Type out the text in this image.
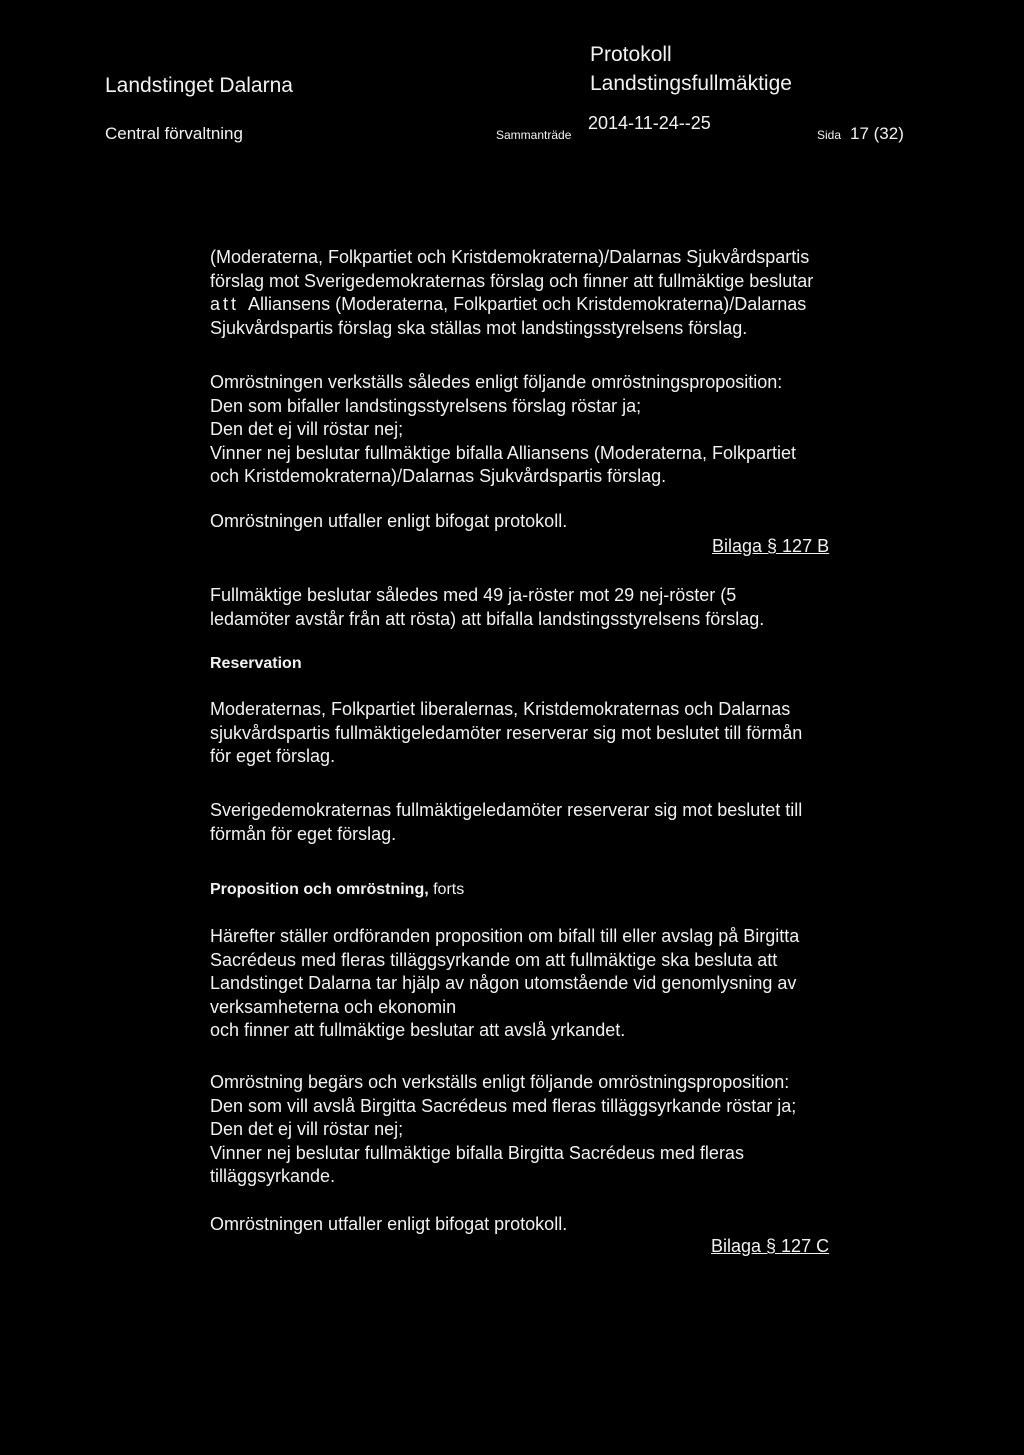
Landstinget Dalarna
Protokoll
Landstingsfullmäktige
Central förvaltning	Sammanträde
2014-11-24--25
Sida 17 (32)
(Moderaterna, Folkpartiet och Kristdemokraterna)/Dalarnas Sjukvårdspartis
förslag mot Sverigedemokraternas förslag och finner att fullmäktige beslutar
att Alliansens (Moderaterna, Folkpartiet och Kristdemokraterna)/Dalarnas
Sjukvårdspartis förslag ska ställas mot landstingsstyrelsens förslag.
Omröstningen verkställs således enligt följande omröstningsproposition:
Den som bifaller landstingsstyrelsens förslag röstar ja;
Den det ej vill röstar nej;
Vinner nej beslutar fullmäktige bifalla Alliansens (Moderaterna, Folkpartiet
och Kristdemokraterna)/Dalarnas Sjukvårdspartis förslag.
Omröstningen utfaller enligt bifogat protokoll.
Bilaga § 127 B
Fullmäktige beslutar således med 49 ja-röster mot 29 nej-röster (5
ledamöter avstår från att rösta) att bifalla landstingsstyrelsens förslag.
Reservation
Moderaternas, Folkpartiet liberalernas, Kristdemokraternas och Dalarnas
sjukvårdspartis fullmäktigeledamöter reserverar sig mot beslutet till förmån
för eget förslag.
Sverigedemokraternas fullmäktigeledamöter reserverar sig mot beslutet till
förmån för eget förslag.
Proposition och omröstning, forts
Härefter ställer ordföranden proposition om bifall till eller avslag på Birgitta
Sacrédeus med fleras tilläggsyrkande om att fullmäktige ska besluta att
Landstinget Dalarna tar hjälp av någon utomstående vid genomlysning av
verksamheterna och ekonomin
och finner att fullmäktige beslutar att avslå yrkandet.
Omröstning begärs och verkställs enligt följande omröstningsproposition:
Den som vill avslå Birgitta Sacrédeus med fleras tilläggsyrkande röstar ja;
Den det ej vill röstar nej;
Vinner nej beslutar fullmäktige bifalla Birgitta Sacrédeus med fleras
tilläggsyrkande.
Omröstningen utfaller enligt bifogat protokoll.
Bilaga § 127 C
